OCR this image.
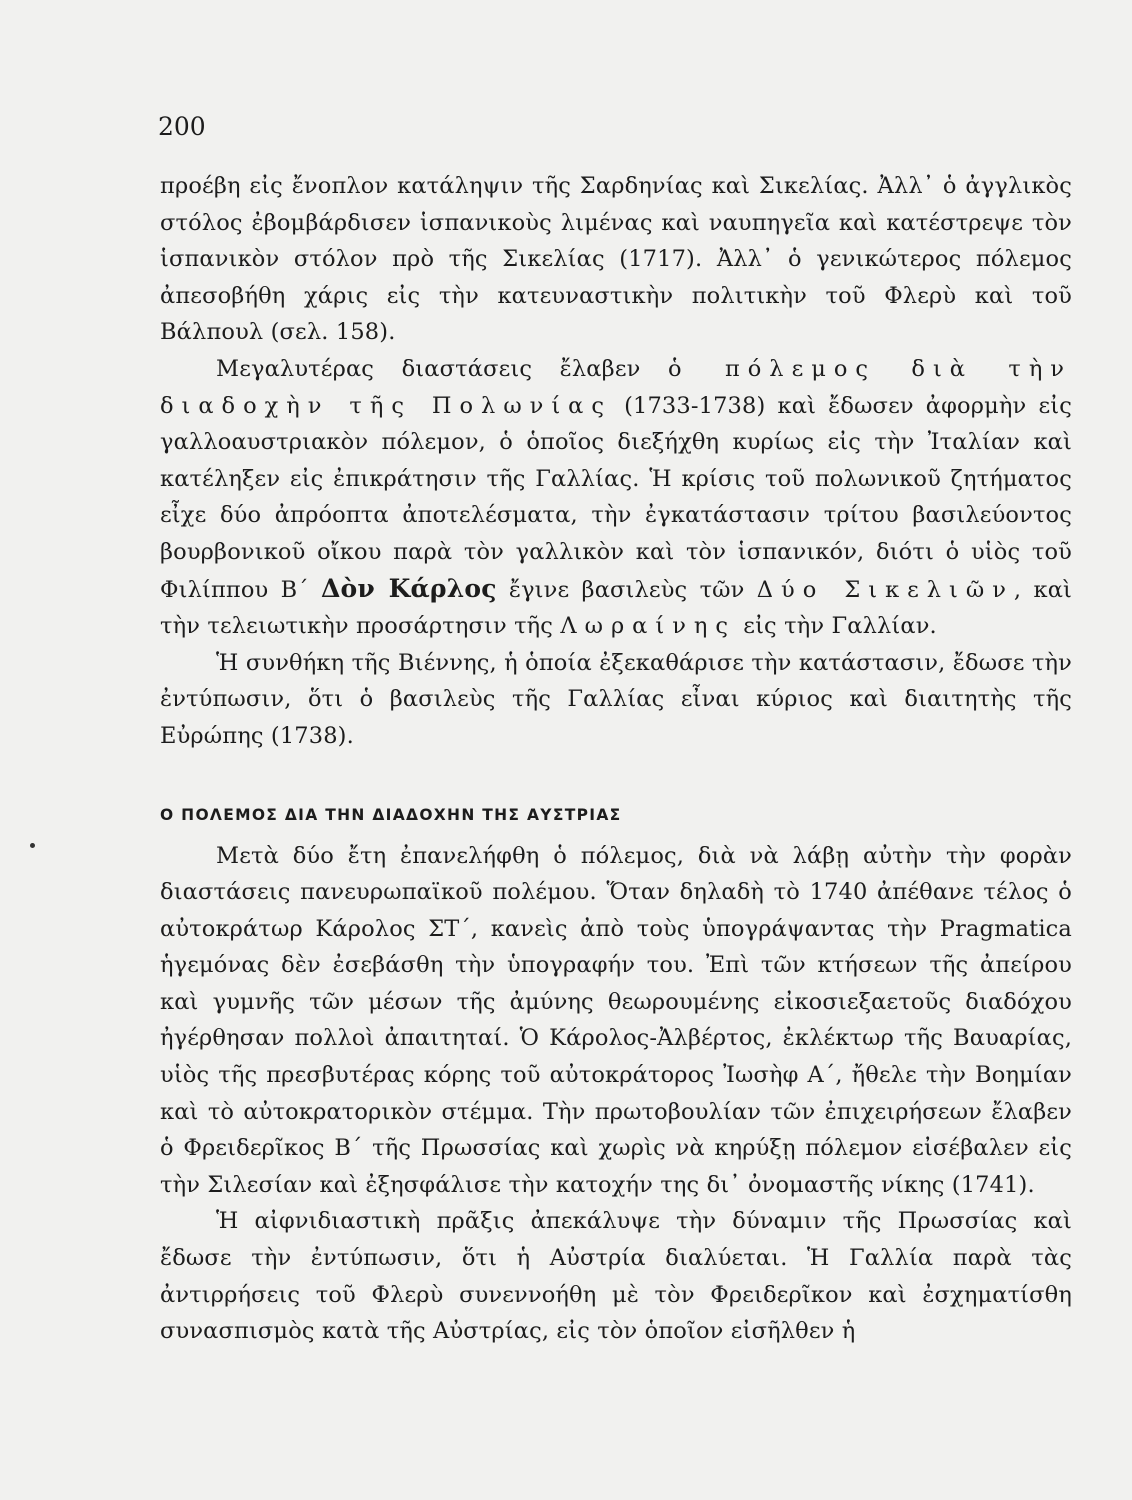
200

προέβη εἰς ἔνοπλον κατάληψιν τῆς Σαρδηνίας καὶ Σικελίας. Ἀλλ᾿ ὁ ἀγγλικὸς στόλος ἐβομβάρδισεν ἱσπανικοὺς λιμένας καὶ ναυπηγεῖα καὶ κατέστρεψε τὸν ἱσπανικὸν στόλον πρὸ τῆς Σικελίας (1717). Ἀλλ᾿ ὁ γενικώτερος πόλεμος ἀπεσοβήθη χάρις εἰς τὴν κατευναστικὴν πολιτικὴν τοῦ Φλερὺ καὶ τοῦ Βάλπουλ (σελ. 158).

Μεγαλυτέρας διαστάσεις ἔλαβεν ὁ πόλεμος διὰ τὴν διαδοχὴν τῆς Πολωνίας (1733-1738) καὶ ἔδωσεν ἀφορμὴν εἰς γαλλοαυστριακὸν πόλεμον, ὁ ὁποῖος διεξήχθη κυρίως εἰς τὴν Ἰταλίαν καὶ κατέληξεν εἰς ἐπικράτησιν τῆς Γαλλίας. Ἡ κρίσις τοῦ πολωνικοῦ ζητήματος εἶχε δύο ἀπρόοπτα ἀποτελέσματα, τὴν ἐγκατάστασιν τρίτου βασιλεύοντος βουρβονικοῦ οἴκου παρὰ τὸν γαλλικὸν καὶ τὸν ἱσπανικόν, διότι ὁ υἱὸς τοῦ Φιλίππου Β΄ Δὸν Κάρλος ἔγινε βασιλεὺς τῶν Δύο Σικελιῶν, καὶ τὴν τελειωτικὴν προσάρτησιν τῆς Λωραίνης εἰς τὴν Γαλλίαν.

Ἡ συνθήκη τῆς Βιέννης, ἡ ὁποία ἐξεκαθάρισε τὴν κατάστασιν, ἔδωσε τὴν ἐντύπωσιν, ὅτι ὁ βασιλεὺς τῆς Γαλλίας εἶναι κύριος καὶ διαιτητὴς τῆς Εὐρώπης (1738).

Ο ΠΟΛΕΜΟΣ ΔΙΑ ΤΗΝ ΔΙΑΔΟΧΗΝ ΤΗΣ ΑΥΣΤΡΙΑΣ

Μετὰ δύο ἔτη ἐπανελήφθη ὁ πόλεμος, διὰ νὰ λάβῃ αὐτὴν τὴν φορὰν διαστάσεις πανευρωπαϊκοῦ πολέμου. Ὅταν δηλαδὴ τὸ 1740 ἀπέθανε τέλος ὁ αὐτοκράτωρ Κάρολος ΣΤ΄, κανεὶς ἀπὸ τοὺς ὑπογράψαντας τὴν Pragmatica ἡγεμόνας δὲν ἐσεβάσθη τὴν ὑπογραφήν του. Ἐπὶ τῶν κτήσεων τῆς ἀπείρου καὶ γυμνῆς τῶν μέσων τῆς ἀμύνης θεωρουμένης εἰκοσιεξαετοῦς διαδόχου ἠγέρθησαν πολλοὶ ἀπαιτηταί. Ὁ Κάρολος-Ἀλβέρτος, ἐκλέκτωρ τῆς Βαυαρίας, υἱὸς τῆς πρεσβυτέρας κόρης τοῦ αὐτοκράτορος Ἰωσὴφ Α΄, ἤθελε τὴν Βοημίαν καὶ τὸ αὐτοκρατορικὸν στέμμα. Τὴν πρωτοβουλίαν τῶν ἐπιχειρήσεων ἔλαβεν ὁ Φρειδερῖκος Β΄ τῆς Πρωσσίας καὶ χωρὶς νὰ κηρύξῃ πόλεμον εἰσέβαλεν εἰς τὴν Σιλεσίαν καὶ ἐξησφάλισε τὴν κατοχήν της δι᾿ ὀνομαστῆς νίκης (1741).

Ἡ αἰφνιδιαστικὴ πρᾶξις ἀπεκάλυψε τὴν δύναμιν τῆς Πρωσσίας καὶ ἔδωσε τὴν ἐντύπωσιν, ὅτι ἡ Αὐστρία διαλύεται. Ἡ Γαλλία παρὰ τὰς ἀντιρρήσεις τοῦ Φλερὺ συνεννοήθη μὲ τὸν Φρειδερῖκον καὶ ἐσχηματίσθη συνασπισμὸς κατὰ τῆς Αὐστρίας, εἰς τὸν ὁποῖον εἰσῆλθεν ἡ
